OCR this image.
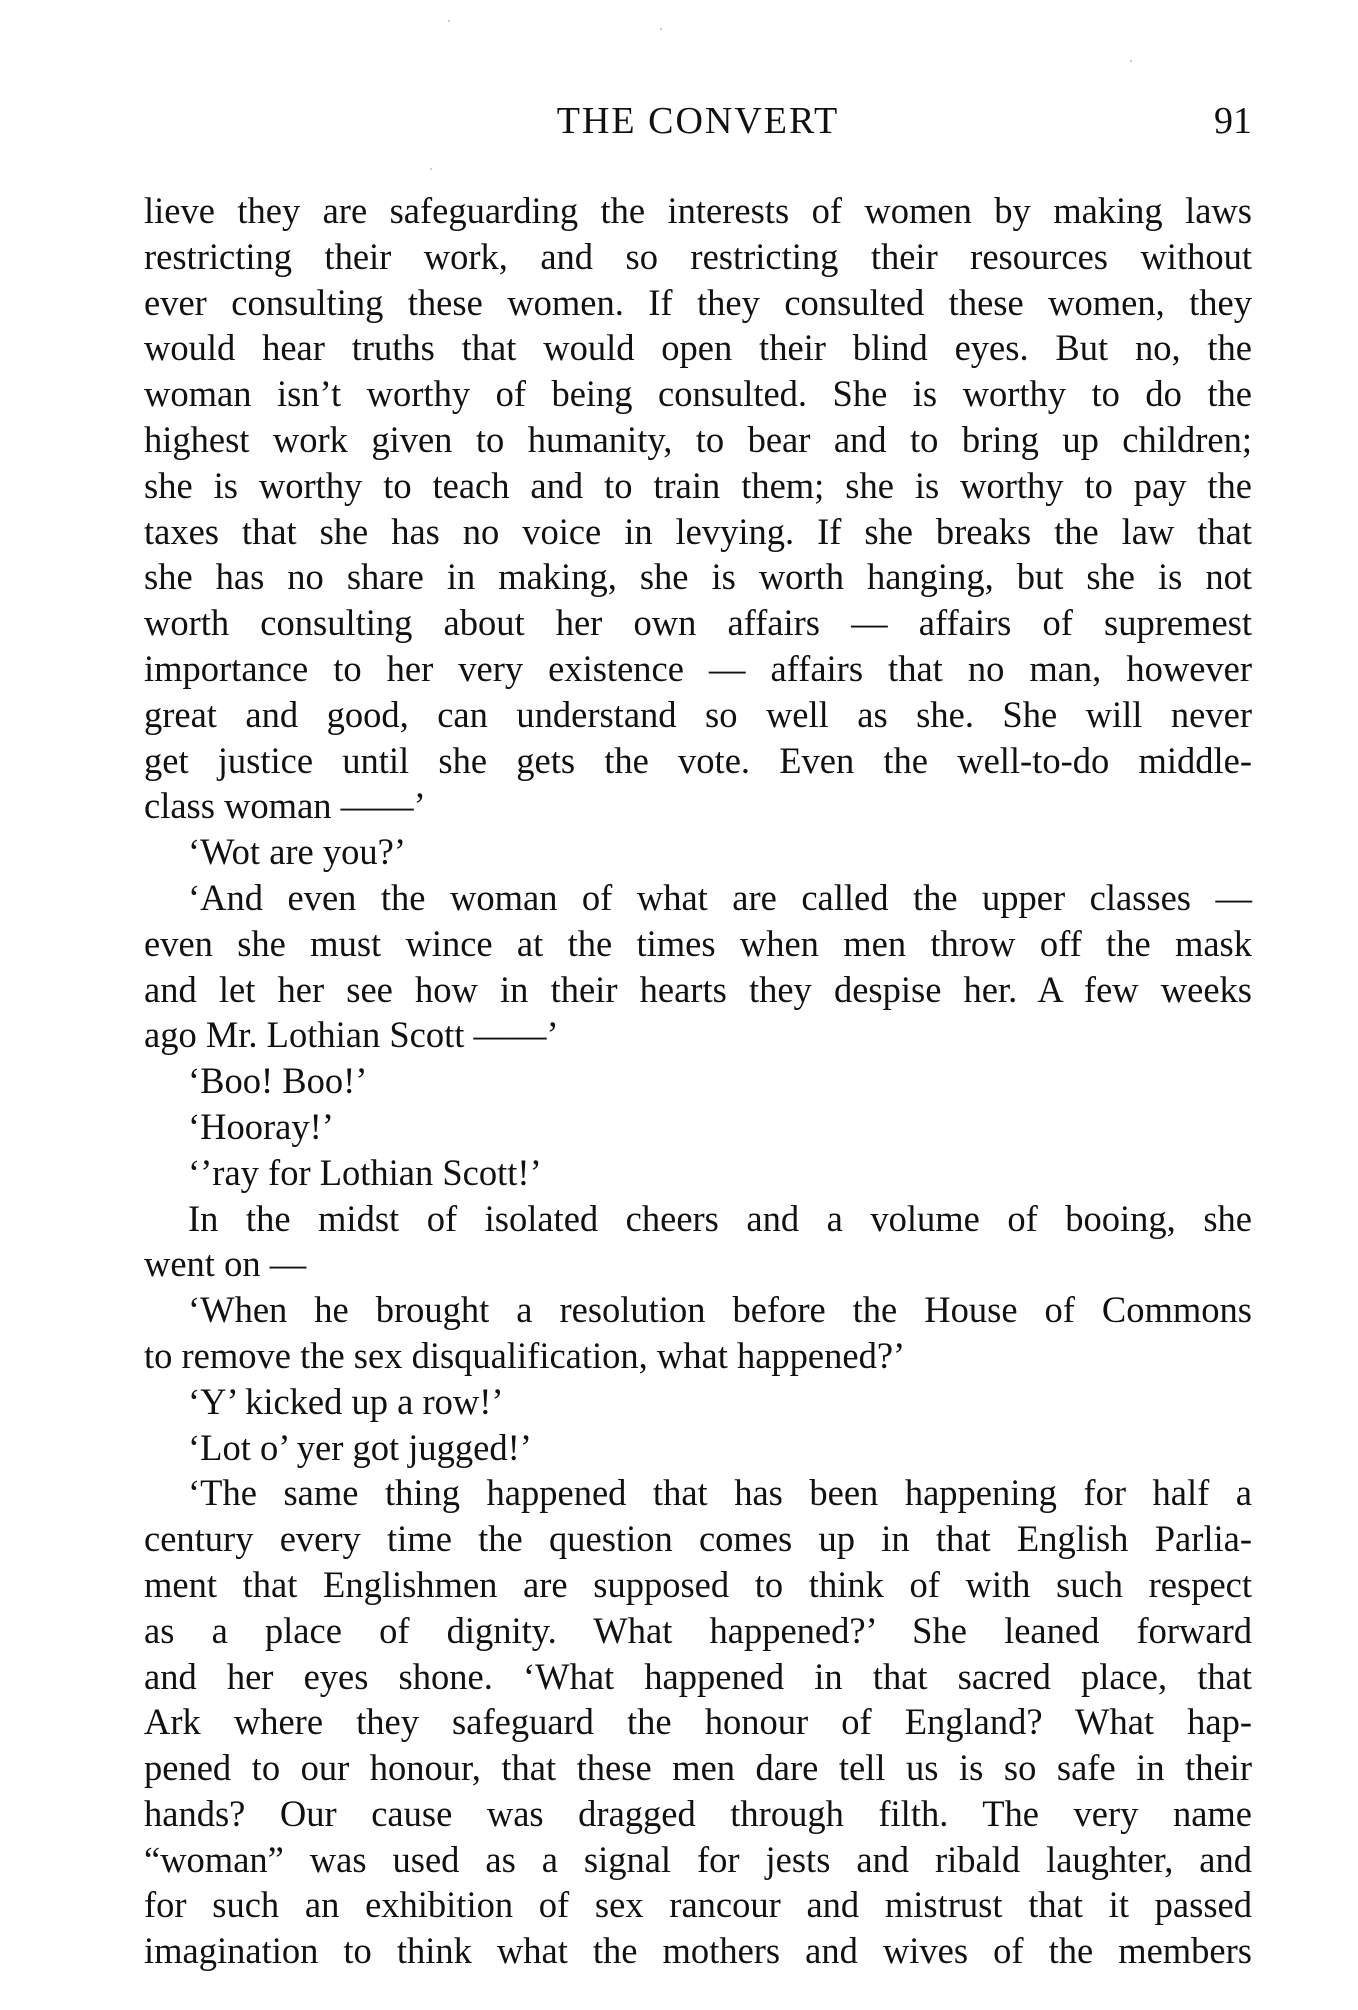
THE CONVERT	91
lieve they are safeguarding the interests of women by making laws
restricting their work, and so restricting their resources without
ever consulting these women. If they consulted these women, they
would hear truths that would open their blind eyes. But no, the
woman isn’t worthy of being consulted. She is worthy to do the
highest work given to humanity, to bear and to bring up children;
she is worthy to teach and to train them; she is worthy to pay the
taxes that she has no voice in levying. If she breaks the law that
she has no share in making, she is worth hanging, but she is not
worth consulting about her own affairs — affairs of supremest
importance to her very existence — affairs that no man, however
great and good, can understand so well as she. She will never
get justice until she gets the vote. Even the well-to-do middle-
class woman ——’
‘Wot are you?’
‘And even the woman of what are called the upper classes —
even she must wince at the times when men throw off the mask
and let her see how in their hearts they despise her. A few weeks
ago Mr. Lothian Scott ——’
‘Boo! Boo!’
‘Hooray!’
‘’ray for Lothian Scott!’
In the midst of isolated cheers and a volume of booing, she
went on —
‘When he brought a resolution before the House of Commons
to remove the sex disqualification, what happened?’
‘Y’ kicked up a row!’
‘Lot o’ yer got jugged!’
‘The same thing happened that has been happening for half a
century every time the question comes up in that English Parlia-
ment that Englishmen are supposed to think of with such respect
as a place of dignity. What happened?’ She leaned forward
and her eyes shone. ‘What happened in that sacred place, that
Ark where they safeguard the honour of England? What hap-
pened to our honour, that these men dare tell us is so safe in their
hands? Our cause was dragged through filth. The very name
“woman” was used as a signal for jests and ribald laughter, and
for such an exhibition of sex rancour and mistrust that it passed
imagination to think what the mothers and wives of the members
